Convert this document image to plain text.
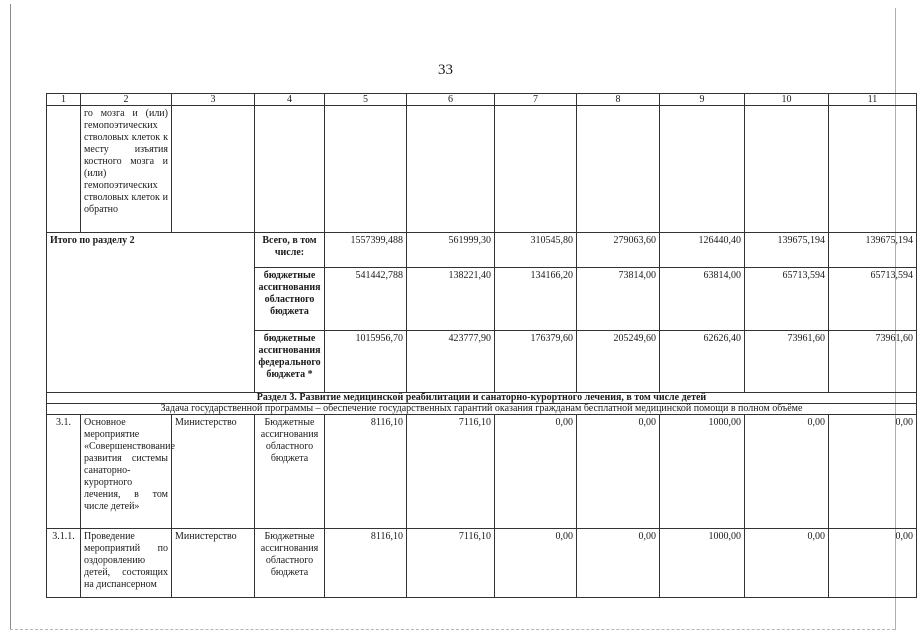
33
1	2	3	4	5	6	7	8	9	10	11
	го мозга и (или) гемопоэтических стволовых клеток к месту изъятия костного мозга и (или) гемопоэтических стволовых клеток и обратно									
Итого по разделу 2			Всего, в том числе:	1557399,488	561999,30	310545,80	279063,60	126440,40	139675,194	139675,194
			бюджетные ассигнования областного бюджета	541442,788	138221,40	134166,20	73814,00	63814,00	65713,594	65713,594
			бюджетные ассигнования федерального бюджета *	1015956,70	423777,90	176379,60	205249,60	62626,40	73961,60	73961,60
Раздел 3. Развитие медицинской реабилитации и санаторно-курортного лечения, в том числе детей										
Задача государственной программы – обеспечение государственных гарантий оказания гражданам бесплатной медицинской помощи в полном объёме										
3.1.	Основное мероприятие «Совершенствование развития системы санаторно-курортного лечения, в том числе детей»	Министерство	Бюджетные ассигнования областного бюджета	8116,10	7116,10	0,00	0,00	1000,00	0,00	0,00
3.1.1.	Проведение мероприятий по оздоровлению детей, состоящих на диспансерном	Министерство	Бюджетные ассигнования областного бюджета	8116,10	7116,10	0,00	0,00	1000,00	0,00	0,00
